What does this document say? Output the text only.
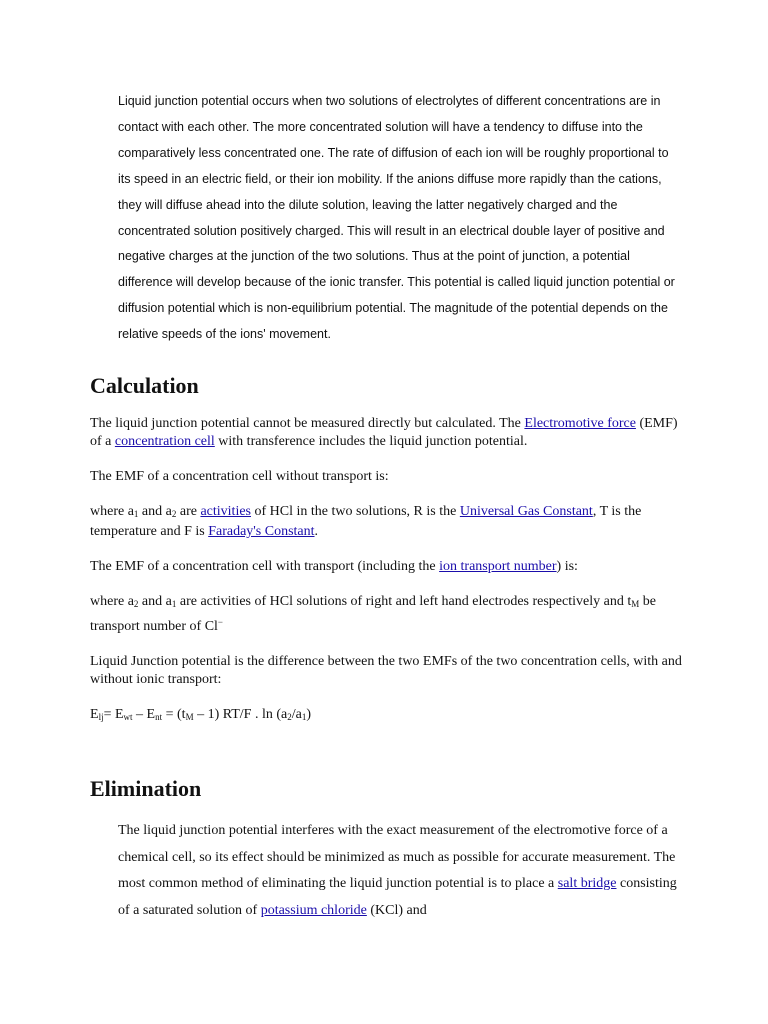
Liquid junction potential occurs when two solutions of electrolytes of different concentrations are in contact with each other. The more concentrated solution will have a tendency to diffuse into the comparatively less concentrated one. The rate of diffusion of each ion will be roughly proportional to its speed in an electric field, or their ion mobility. If the anions diffuse more rapidly than the cations, they will diffuse ahead into the dilute solution, leaving the latter negatively charged and the concentrated solution positively charged. This will result in an electrical double layer of positive and negative charges at the junction of the two solutions. Thus at the point of junction, a potential difference will develop because of the ionic transfer. This potential is called liquid junction potential or diffusion potential which is non-equilibrium potential. The magnitude of the potential depends on the relative speeds of the ions' movement.

Calculation

The liquid junction potential cannot be measured directly but calculated. The Electromotive force (EMF) of a concentration cell with transference includes the liquid junction potential.

The EMF of a concentration cell without transport is:

where $a_1$ and $a_2$ are activities of HCl in the two solutions, R is the Universal Gas Constant, T is the temperature and F is Faraday's Constant.

The EMF of a concentration cell with transport (including the ion transport number) is:

where $a_2$ and $a_1$ are activities of HCl solutions of right and left hand electrodes respectively and $t_M$ be transport number of Cl−

Liquid Junction potential is the difference between the two EMFs of the two concentration cells, with and without ionic transport:

$E_{lj}= E_{wt} - E_{nt} = (t_M - 1)$ RT/F . $\ln (a_2/a_1)$

Elimination

The liquid junction potential interferes with the exact measurement of the electromotive force of a chemical cell, so its effect should be minimized as much as possible for accurate measurement. The most common method of eliminating the liquid junction potential is to place a salt bridge consisting of a saturated solution of potassium chloride (KCl) and
